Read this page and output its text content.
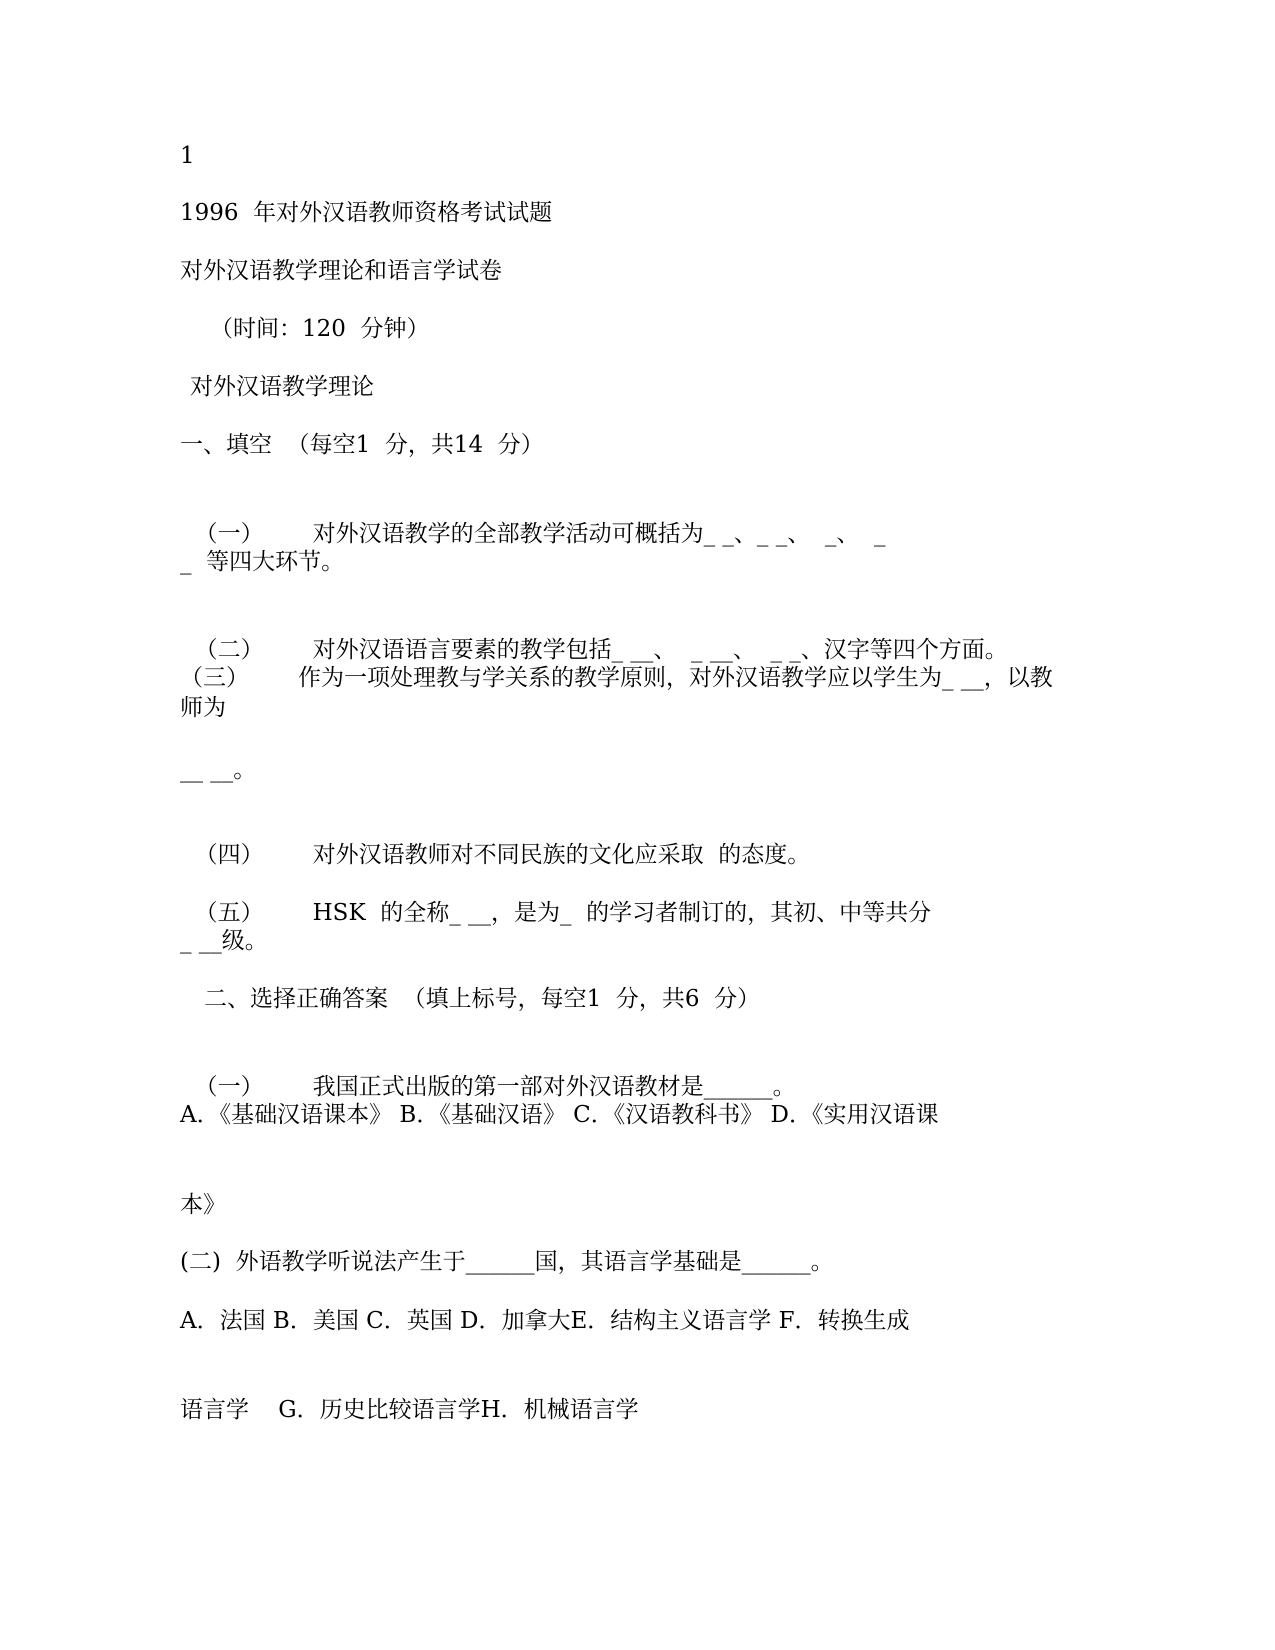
1
1996  年对外汉语教师资格考试试题
对外汉语教学理论和语言学试卷
（时间：120  分钟）
对外汉语教学理论
一、填空  （每空1  分，共14  分）

（一） 对外汉语教学的全部教学活动可概括为_ _、_ _、  _、  _

_  等四大环节。

（二） 对外汉语语言要素的教学包括_ __、  _ __、  _ _、汉字等四个方面。

（三） 作为一项处理教与学关系的教学原则，对外汉语教学应以学生为_ __，以教师为
__ __。

（四） 对外汉语教师对不同民族的文化应采取  的态度。

（五） HSK  的全称_ __，是为_  的学习者制订的，其初、中等共分

_ __级。
二、选择正确答案  （填上标号，每空1  分，共6  分）

（一） 我国正式出版的第一部对外汉语教材是______。

A．《基础汉语课本》 B．《基础汉语》 C．《汉语教科书》 D．《实用汉语课
本》
(二)  外语教学听说法产生于______国，其语言学基础是______。
A．法国 B．美国 C．英国 D．加拿大E．结构主义语言学 F．转换生成
语言学    G．历史比较语言学H．机械语言学
